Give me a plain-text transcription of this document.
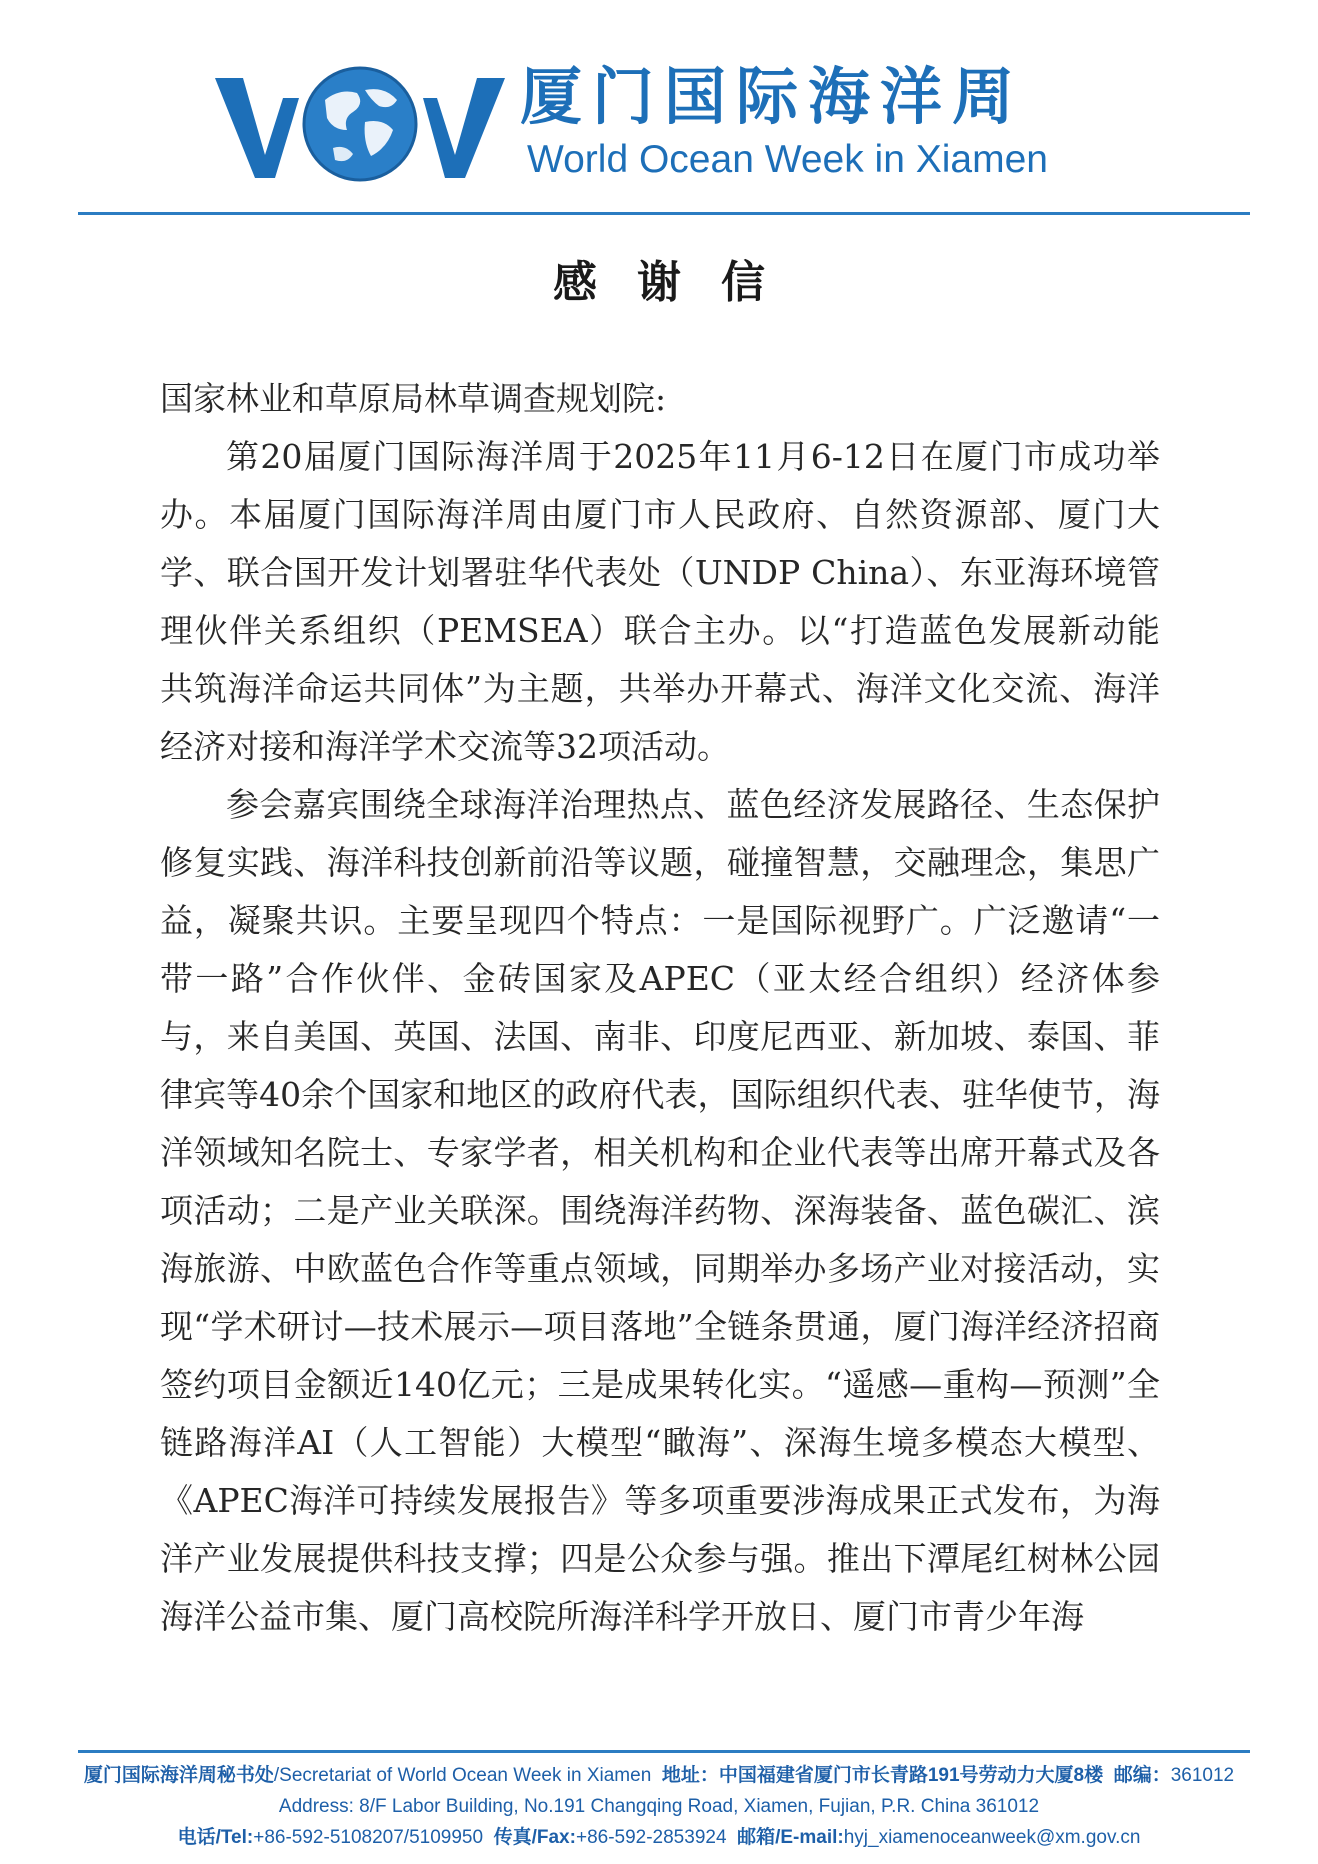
厦门国际海洋周
World Ocean Week in Xiamen
感谢信

国家林业和草原局林草调查规划院:

第20届厦门国际海洋周于2025年11月6-12日在厦门市成功举办。本届厦门国际海洋周由厦门市人民政府、自然资源部、厦门大学、联合国开发计划署驻华代表处（UNDP China）、东亚海环境管理伙伴关系组织（PEMSEA）联合主办。以“打造蓝色发展新动能 共筑海洋命运共同体”为主题，共举办开幕式、海洋文化交流、海洋经济对接和海洋学术交流等32项活动。

参会嘉宾围绕全球海洋治理热点、蓝色经济发展路径、生态保护修复实践、海洋科技创新前沿等议题，碰撞智慧，交融理念，集思广益，凝聚共识。主要呈现四个特点：一是国际视野广。广泛邀请“一带一路”合作伙伴、金砖国家及APEC（亚太经合组织）经济体参与，来自美国、英国、法国、南非、印度尼西亚、新加坡、泰国、菲律宾等40余个国家和地区的政府代表，国际组织代表、驻华使节，海洋领域知名院士、专家学者，相关机构和企业代表等出席开幕式及各项活动；二是产业关联深。围绕海洋药物、深海装备、蓝色碳汇、滨海旅游、中欧蓝色合作等重点领域，同期举办多场产业对接活动，实现“学术研讨—技术展示—项目落地”全链条贯通，厦门海洋经济招商签约项目金额近140亿元；三是成果转化实。“遥感—重构—预测”全链路海洋AI（人工智能）大模型“瞰海”、深海生境多模态大模型、《APEC海洋可持续发展报告》等多项重要涉海成果正式发布，为海洋产业发展提供科技支撑；四是公众参与强。推出下潭尾红树林公园海洋公益市集、厦门高校院所海洋科学开放日、厦门市青少年海

厦门国际海洋周秘书处/Secretariat of World Ocean Week in Xiamen 地址：中国福建省厦门市长青路191号劳动力大厦8楼 邮编：361012
Address: 8/F Labor Building, No.191 Changqing Road, Xiamen, Fujian, P.R. China 361012
电话/Tel:+86-592-5108207/5109950 传真/Fax:+86-592-2853924 邮箱/E-mail:hyj_xiamenoceanweek@xm.gov.cn
